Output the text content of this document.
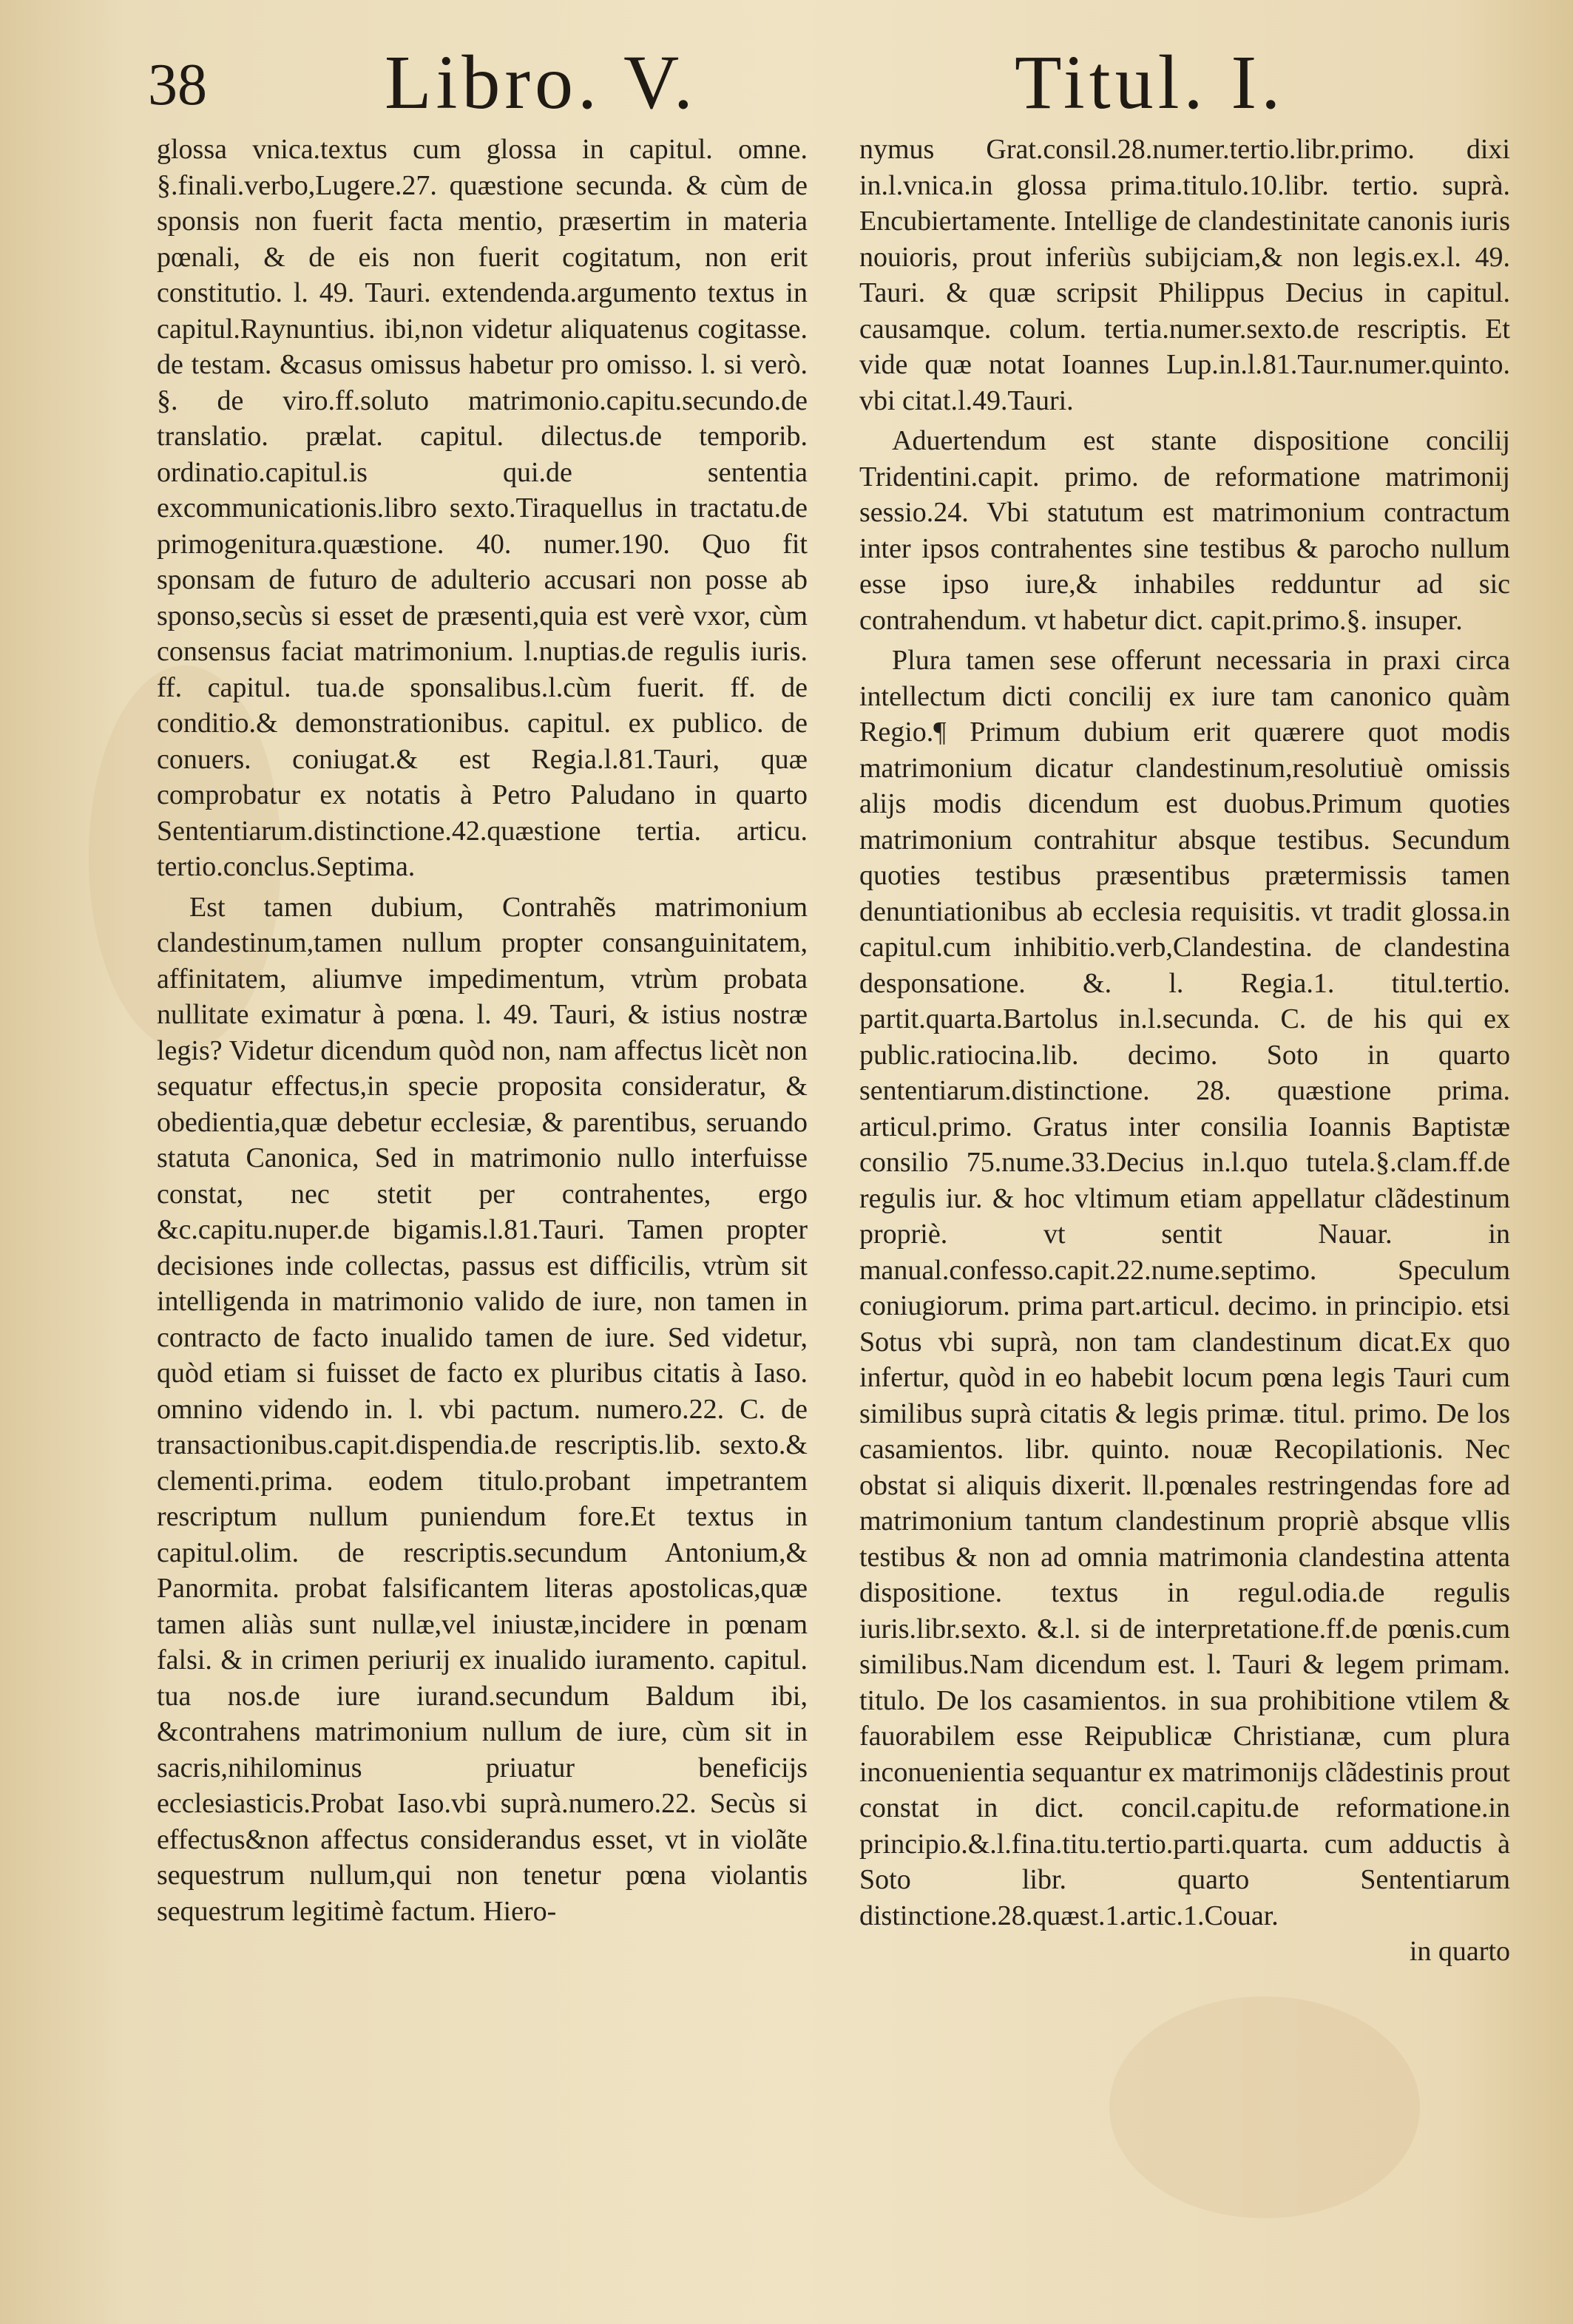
38 Libro. V.	Titul. I.

glossa vnica.textus cum glossa in capitul. omne. §.finali.verbo,Lugere.27. quæstione secunda. & cùm de sponsis non fuerit facta mentio, præsertim in materia pœnali, & de eis non fuerit cogitatum, non erit constitutio. l. 49. Tauri. extendenda.argumento textus in capitul.Raynuntius. ibi,non videtur aliquatenus cogitasse. de testam. &casus omissus habetur pro omisso. l. si verò. §. de viro.ff.soluto matrimonio.capitu.secundo.de translatio. prælat. capitul. dilectus.de temporib. ordinatio.capitul.is qui.de sententia excommunicationis.libro sexto.Tiraquellus in tractatu.de primogenitura.quæstione. 40. numer.190. Quo fit sponsam de futuro de adulterio accusari non posse ab sponso,secùs si esset de præsenti,quia est verè vxor, cùm consensus faciat matrimonium. l.nuptias.de regulis iuris. ff. capitul. tua.de sponsalibus.l.cùm fuerit. ff. de conditio.& demonstrationibus. capitul. ex publico. de conuers. coniugat.& est Regia.l.81.Tauri, quæ comprobatur ex notatis à Petro Paludano in quarto Sententiarum.distinctione.42.quæstione tertia. articu. tertio.conclus.Septima.

Est tamen dubium, Contrahẽs matrimonium clandestinum,tamen nullum propter consanguinitatem, affinitatem, aliumve impedimentum, vtrùm probata nullitate eximatur à pœna. l. 49. Tauri, & istius nostræ legis? Videtur dicendum quòd non, nam affectus licèt non sequatur effectus,in specie proposita consideratur, & obedientia,quæ debetur ecclesiæ, & parentibus, seruando statuta Canonica, Sed in matrimonio nullo interfuisse constat, nec stetit per contrahentes, ergo &c.capitu.nuper.de bigamis.l.81.Tauri. Tamen propter decisiones inde collectas, passus est difficilis, vtrùm sit intelligenda in matrimonio valido de iure, non tamen in contracto de facto inualido tamen de iure. Sed videtur, quòd etiam si fuisset de facto ex pluribus citatis à Iaso. omnino videndo in. l. vbi pactum. numero.22. C. de transactionibus.capit.dispendia.de rescriptis.lib. sexto.& clementi.prima. eodem titulo.probant impetrantem rescriptum nullum puniendum fore.Et textus in capitul.olim. de rescriptis.secundum Antonium,& Panormita. probat falsificantem literas apostolicas,quæ tamen aliàs sunt nullæ,vel iniustæ,incidere in pœnam falsi. & in crimen periurij ex inualido iuramento. capitul. tua nos.de iure iurand.secundum Baldum ibi, &contrahens matrimonium nullum de iure, cùm sit in sacris,nihilominus priuatur beneficijs ecclesiasticis.Probat Iaso.vbi suprà.numero.22. Secùs si effectus&non affectus considerandus esset, vt in violãte sequestrum nullum,qui non tenetur pœna violantis sequestrum legitimè factum. Hiero-

nymus Grat.consil.28.numer.tertio.libr.primo. dixi in.l.vnica.in glossa prima.titulo.10.libr. tertio. suprà. Encubiertamente. Intellige de clandestinitate canonis iuris nouioris, prout inferiùs subijciam,& non legis.ex.l. 49. Tauri. & quæ scripsit Philippus Decius in capitul. causamque. colum. tertia.numer.sexto.de rescriptis. Et vide quæ notat Ioannes Lup.in.l.81.Taur.numer.quinto. vbi citat.l.49.Tauri.

Aduertendum est stante dispositione concilij Tridentini.capit. primo. de reformatione matrimonij sessio.24. Vbi statutum est matrimonium contractum inter ipsos contrahentes sine testibus & parocho nullum esse ipso iure,& inhabiles redduntur ad sic contrahendum. vt habetur dict. capit.primo.§. insuper.

Plura tamen sese offerunt necessaria in praxi circa intellectum dicti concilij ex iure tam canonico quàm Regio.¶ Primum dubium erit quærere quot modis matrimonium dicatur clandestinum,resolutiuè omissis alijs modis dicendum est duobus.Primum quoties matrimonium contrahitur absque testibus. Secundum quoties testibus præsentibus prætermissis tamen denuntiationibus ab ecclesia requisitis. vt tradit glossa.in capitul.cum inhibitio.verb,Clandestina. de clandestina desponsatione. &. l. Regia.1. titul.tertio. partit.quarta.Bartolus in.l.secunda. C. de his qui ex public.ratiocina.lib. decimo. Soto in quarto sententiarum.distinctione. 28. quæstione prima. articul.primo. Gratus inter consilia Ioannis Baptistæ consilio 75.nume.33.Decius in.l.quo tutela.§.clam.ff.de regulis iur. & hoc vltimum etiam appellatur clãdestinum propriè. vt sentit Nauar. in manual.confesso.capit.22.nume.septimo. Speculum coniugiorum. prima part.articul. decimo. in principio. etsi Sotus vbi suprà, non tam clandestinum dicat.Ex quo infertur, quòd in eo habebit locum pœna legis Tauri cum similibus suprà citatis & legis primæ. titul. primo. De los casamientos. libr. quinto. nouæ Recopilationis. Nec obstat si aliquis dixerit. ll.pœnales restringendas fore ad matrimonium tantum clandestinum propriè absque vllis testibus & non ad omnia matrimonia clandestina attenta dispositione. textus in regul.odia.de regulis iuris.libr.sexto. &.l. si de interpretatione.ff.de pœnis.cum similibus.Nam dicendum est. l. Tauri & legem primam. titulo. De los casamientos. in sua prohibitione vtilem & fauorabilem esse Reipublicæ Christianæ, cum plura inconuenientia sequantur ex matrimonijs clãdestinis prout constat in dict. concil.capitu.de reformatione.in principio.&.l.fina.titu.tertio.parti.quarta. cum adductis à Soto libr. quarto Sententiarum distinctione.28.quæst.1.artic.1.Couar.

in quarto
